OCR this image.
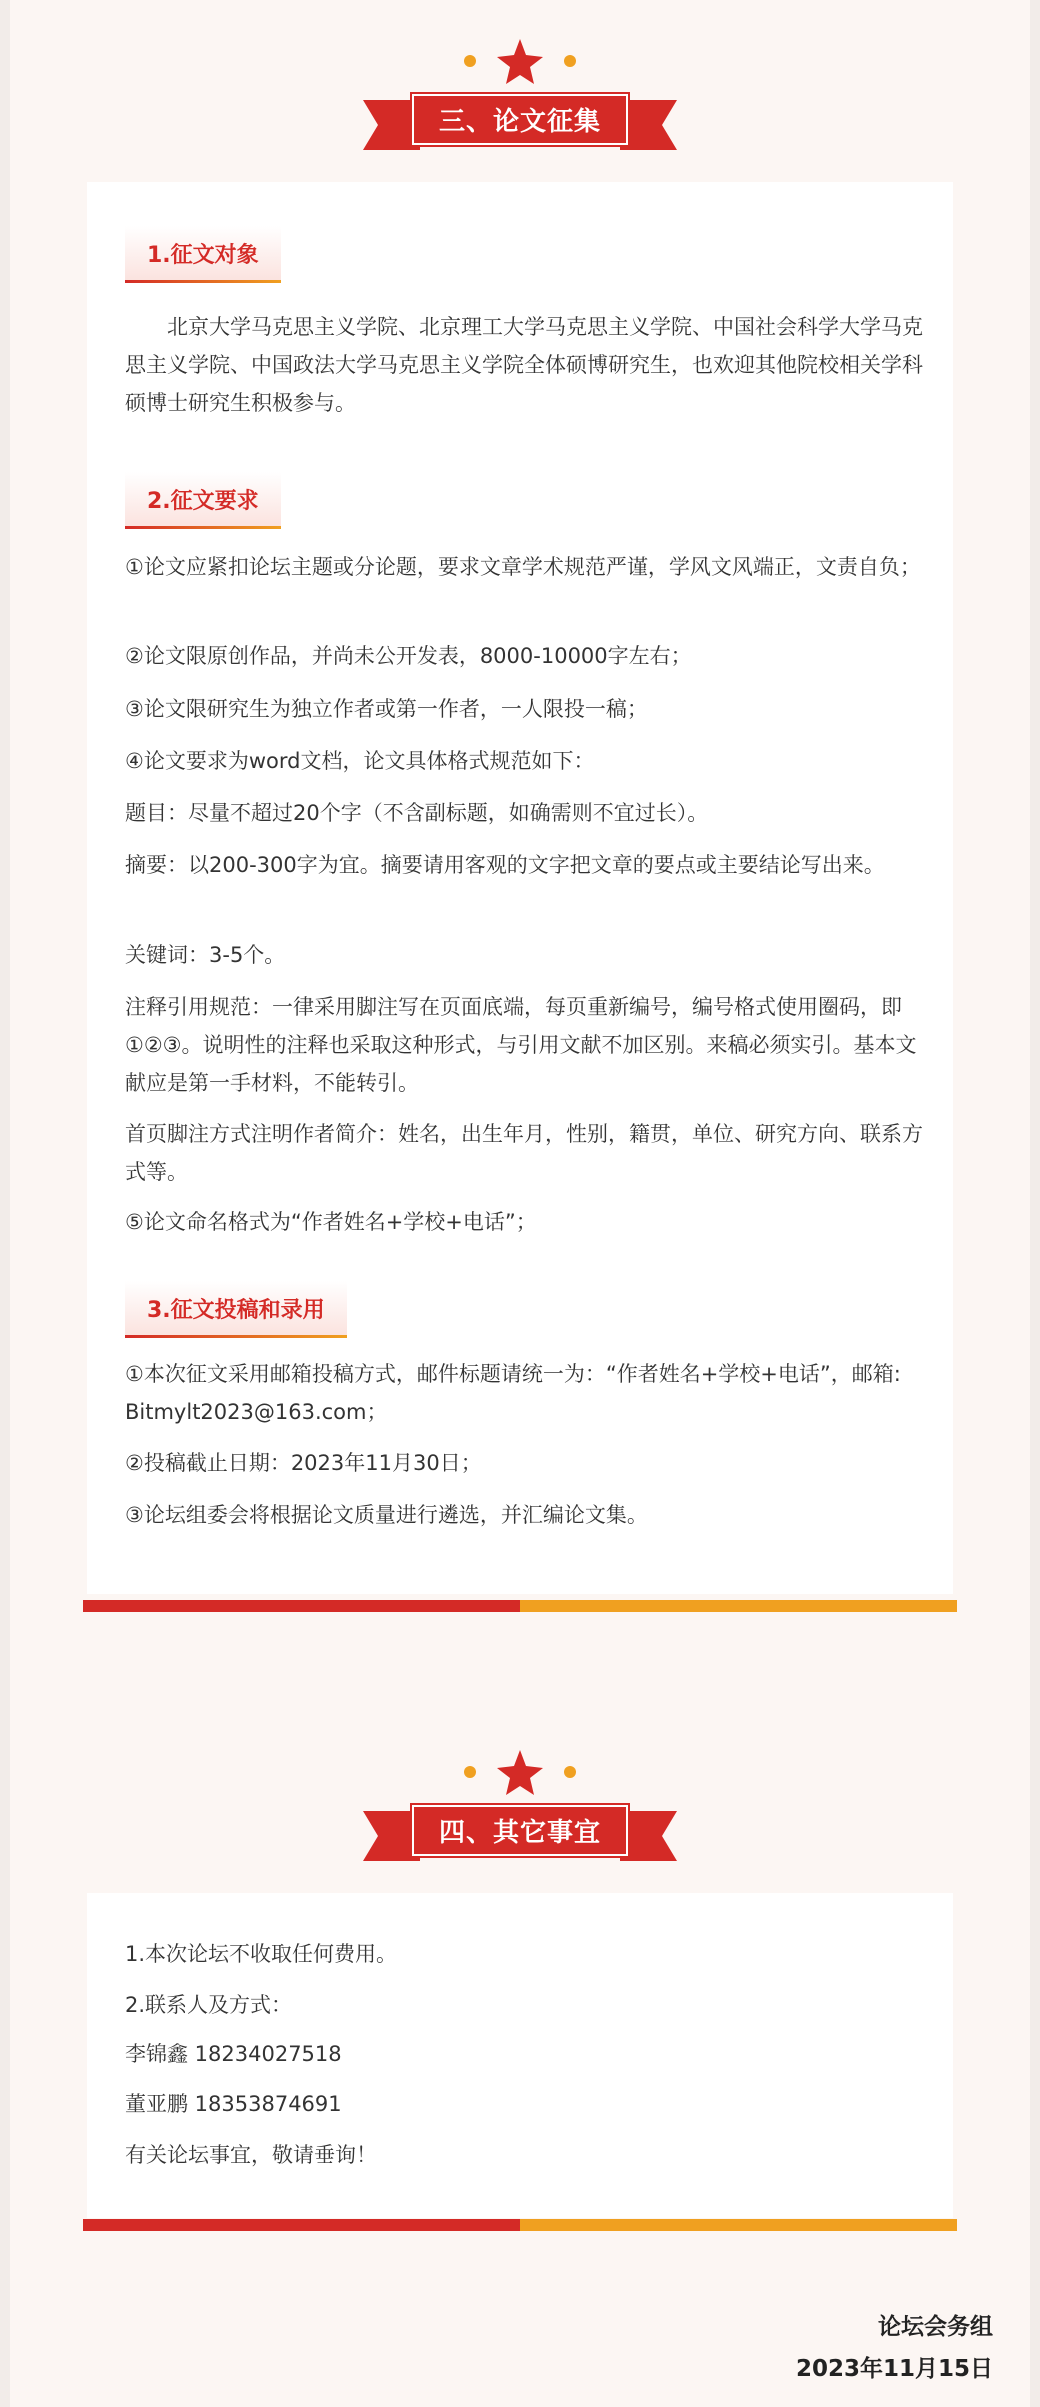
三、论文征集
1.征文对象

北京大学马克思主义学院、北京理工大学马克思主义学院、中国社会科学大学马克思主义学院、中国政法大学马克思主义学院全体硕博研究生，也欢迎其他院校相关学科硕博士研究生积极参与。

2.征文要求

①论文应紧扣论坛主题或分论题，要求文章学术规范严谨，学风文风端正，文责自负；

②论文限原创作品，并尚未公开发表，8000-10000字左右；

③论文限研究生为独立作者或第一作者，一人限投一稿；

④论文要求为word文档，论文具体格式规范如下：

题目：尽量不超过20个字（不含副标题，如确需则不宜过长）。

摘要：以200-300字为宜。摘要请用客观的文字把文章的要点或主要结论写出来。

关键词：3-5个。

注释引用规范：一律采用脚注写在页面底端，每页重新编号，编号格式使用圈码，即①②③。说明性的注释也采取这种形式，与引用文献不加区别。来稿必须实引。基本文献应是第一手材料，不能转引。

首页脚注方式注明作者简介：姓名，出生年月，性别，籍贯，单位、研究方向、联系方式等。

⑤论文命名格式为“作者姓名+学校+电话”；

3.征文投稿和录用

①本次征文采用邮箱投稿方式，邮件标题请统一为：“作者姓名+学校+电话”，邮箱: Bitmylt2023@163.com；

②投稿截止日期：2023年11月30日；

③论坛组委会将根据论文质量进行遴选，并汇编论文集。

四、其它事宜

1.本次论坛不收取任何费用。

2.联系人及方式：

李锦鑫 18234027518

董亚鹏 18353874691

有关论坛事宜，敬请垂询！

论坛会务组
2023年11月15日
